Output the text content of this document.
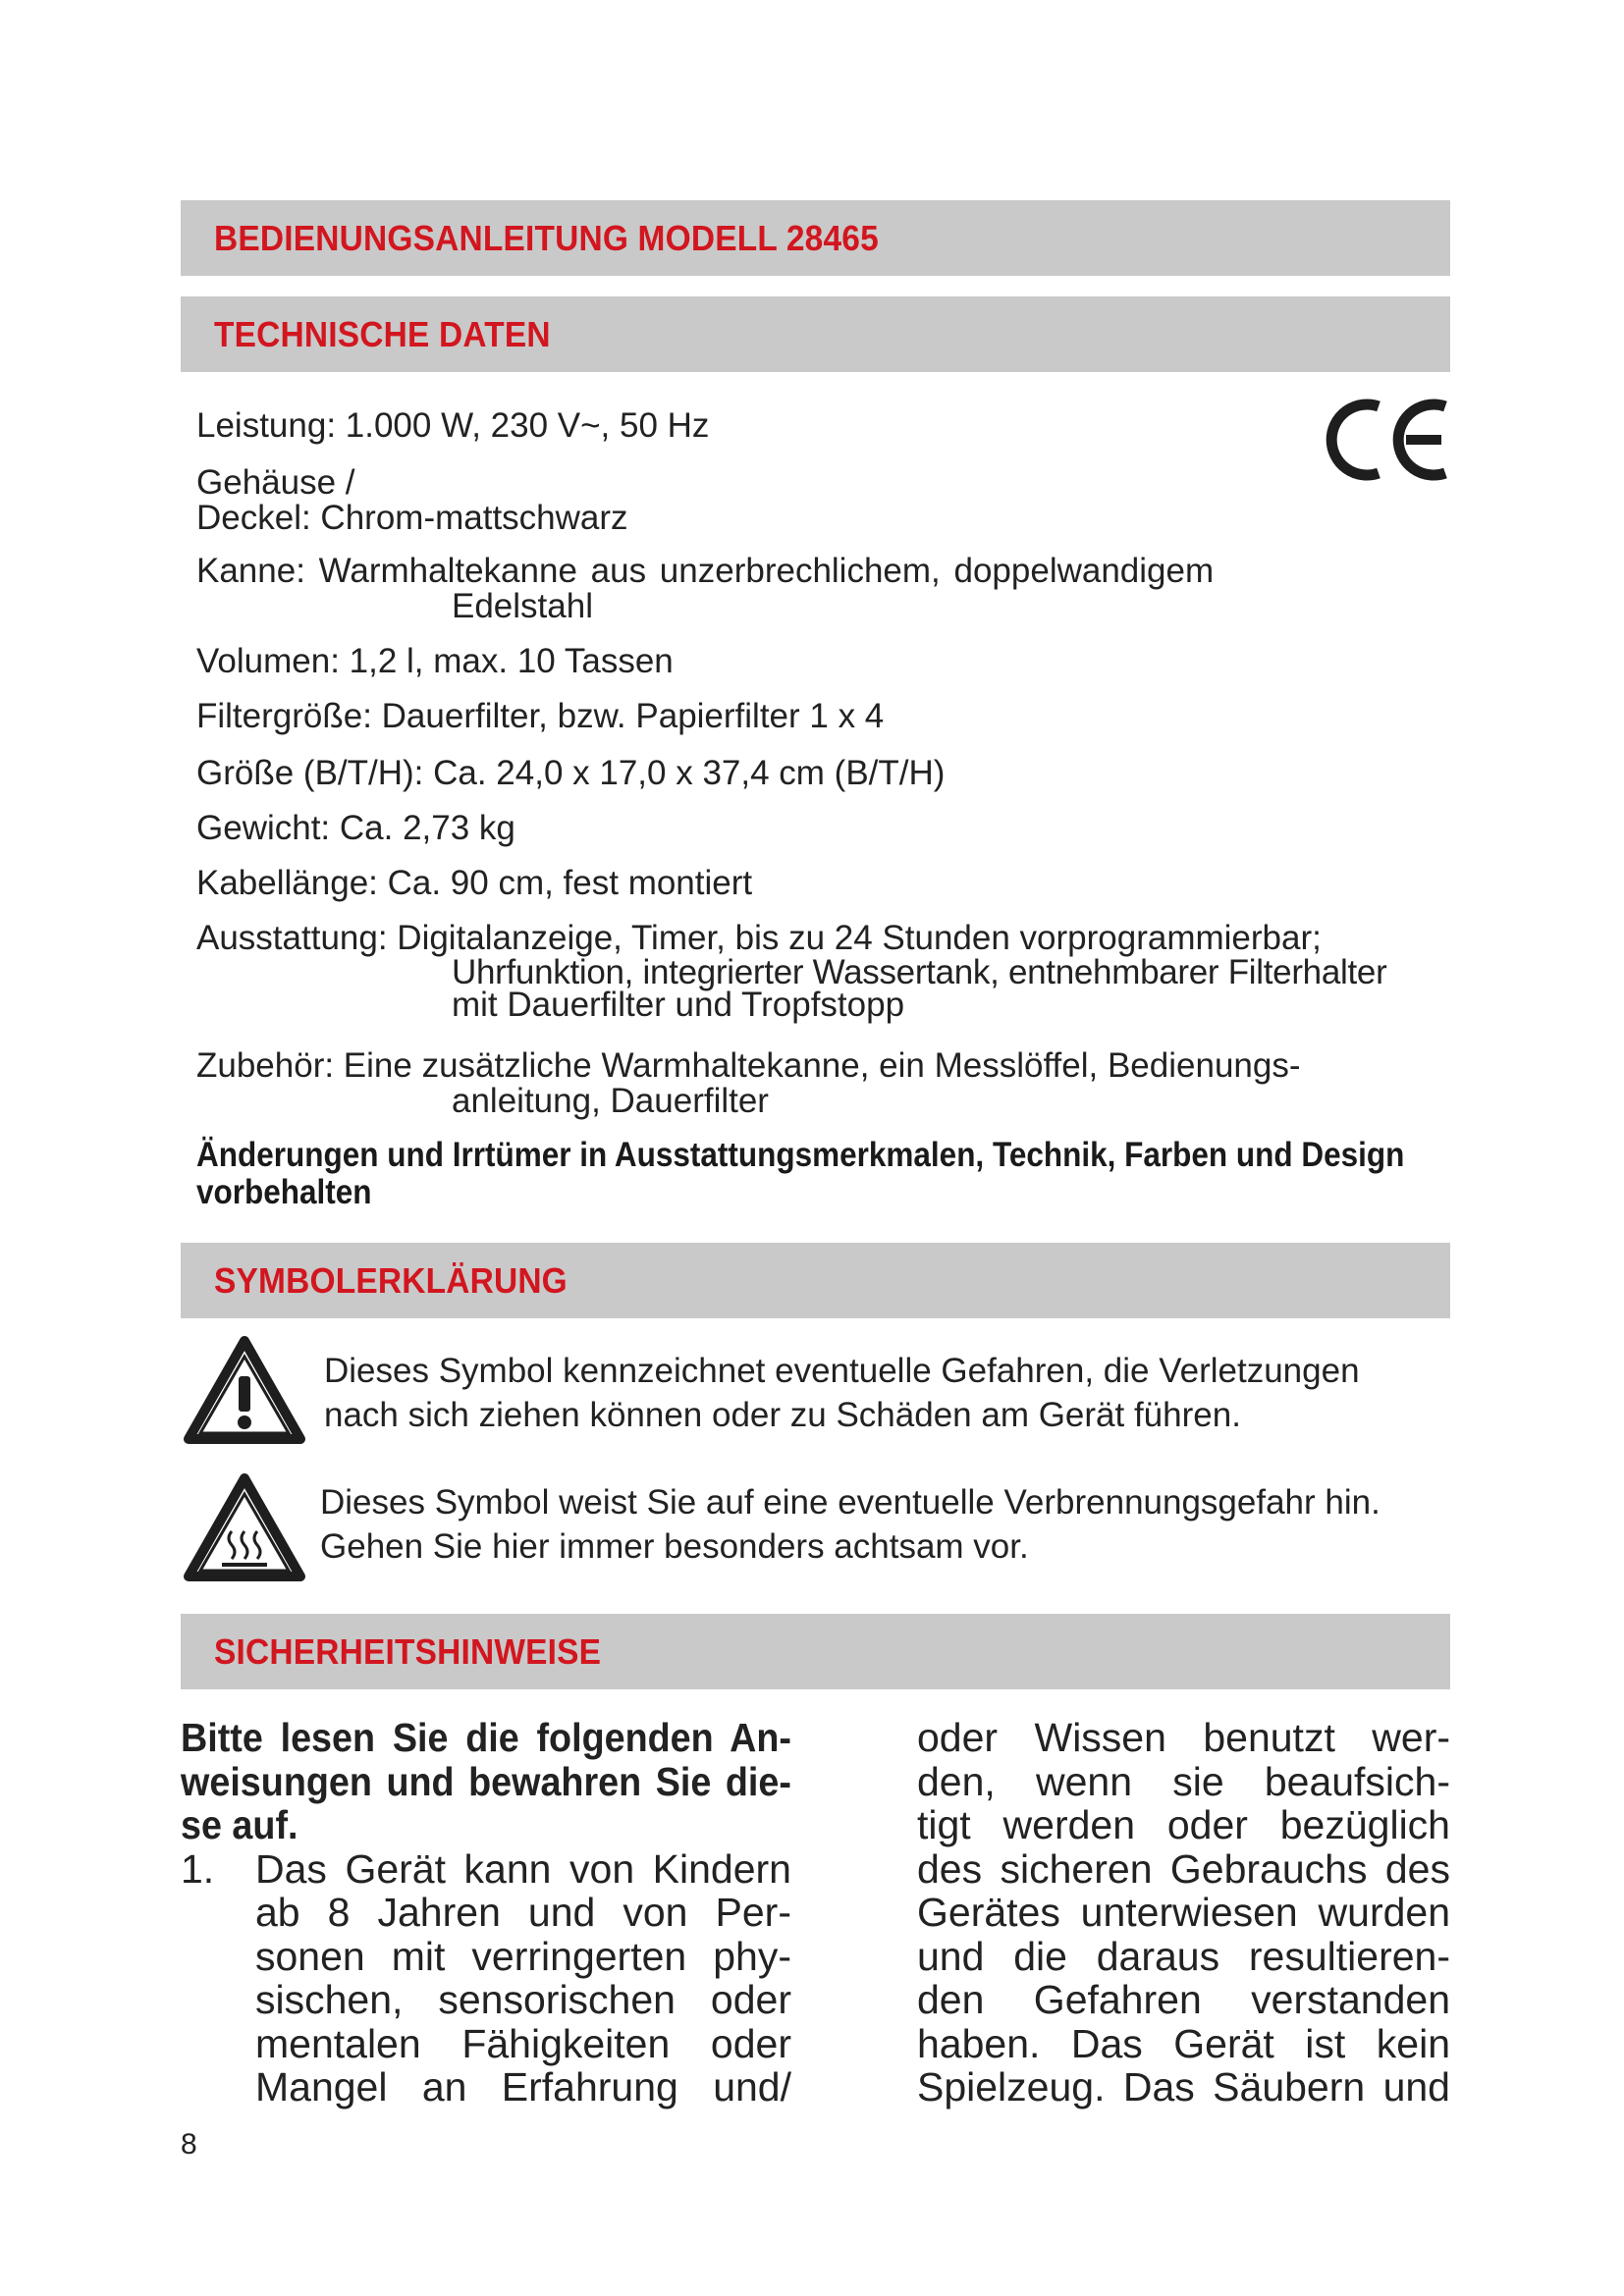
BEDIENUNGSANLEITUNG MODELL 28465
TECHNISCHE DATEN
Leistung: 1.000 W, 230 V~, 50 Hz
Gehäuse /
Deckel: Chrom-mattschwarz
Kanne: Warmhaltekanne aus unzerbrechlichem, doppelwandigem
Edelstahl
Volumen: 1,2 l, max. 10 Tassen
Filtergröße: Dauerfilter, bzw. Papierfilter 1 x 4
Größe (B/T/H): Ca. 24,0 x 17,0 x 37,4 cm (B/T/H)
Gewicht: Ca. 2,73 kg
Kabellänge: Ca. 90 cm, fest montiert
Ausstattung: Digitalanzeige, Timer, bis zu 24 Stunden vorprogrammierbar;
Uhrfunktion, integrierter Wassertank, entnehmbarer Filterhalter
mit Dauerfilter und Tropfstopp
Zubehör: Eine zusätzliche Warmhaltekanne, ein Messlöffel, Bedienungs-
anleitung, Dauerfilter
Änderungen und Irrtümer in Ausstattungsmerkmalen, Technik, Farben und Design
vorbehalten
SYMBOLERKLÄRUNG
Dieses Symbol kennzeichnet eventuelle Gefahren, die Verletzungen
nach sich ziehen können oder zu Schäden am Gerät führen.
Dieses Symbol weist Sie auf eine eventuelle Verbrennungsgefahr hin.
Gehen Sie hier immer besonders achtsam vor.
SICHERHEITSHINWEISE
Bitte lesen Sie die folgenden An-
weisungen und bewahren Sie die-
se auf.
1. Das Gerät kann von Kindern
ab 8 Jahren und von Per-
sonen mit verringerten phy-
sischen, sensorischen oder
mentalen Fähigkeiten oder
Mangel an Erfahrung und/
oder Wissen benutzt wer-
den, wenn sie beaufsich-
tigt werden oder bezüglich
des sicheren Gebrauchs des
Gerätes unterwiesen wurden
und die daraus resultieren-
den Gefahren verstanden
haben. Das Gerät ist kein
Spielzeug. Das Säubern und
8
